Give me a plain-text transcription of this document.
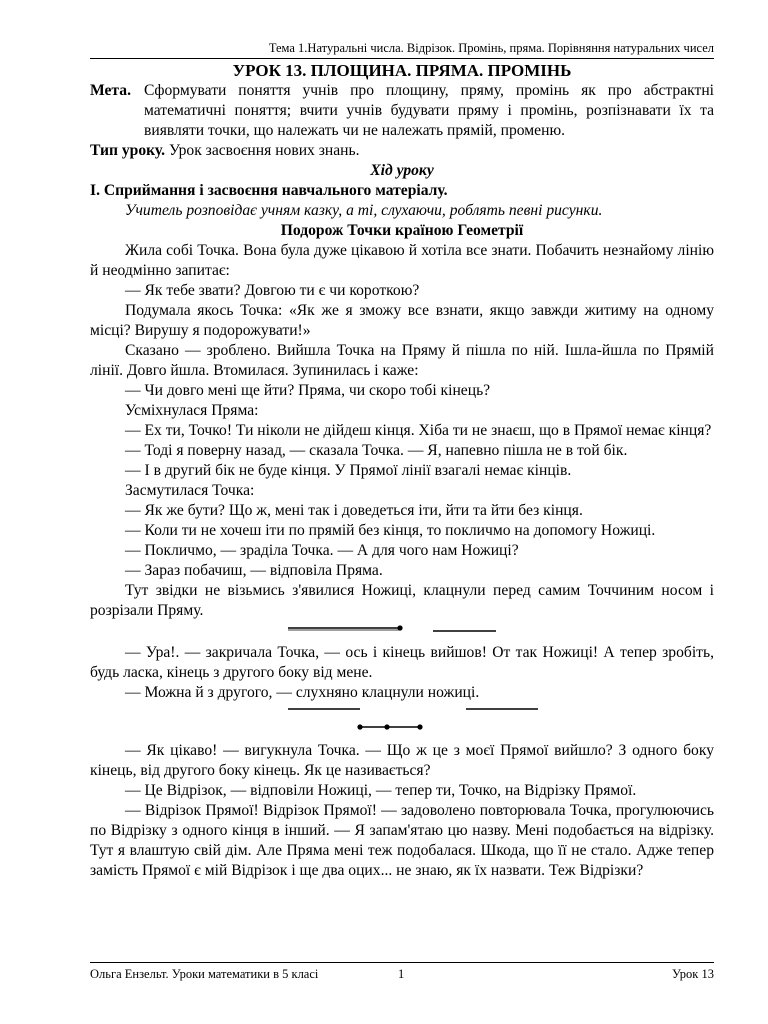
Тема 1.Натуральні числа. Відрізок. Промінь, пряма. Порівняння натуральних чисел
УРОК 13. ПЛОЩИНА. ПРЯМА. ПРОМІНЬ
Мета. Сформувати поняття учнів про площину, пряму, промінь як про абстрактні математичні поняття; вчити учнів будувати пряму і промінь, розпізнавати їх та виявляти точки, що належать чи не належать прямій, променю.

Тип уроку. Урок засвоєння нових знань.

Хід уроку

І. Сприймання і засвоєння навчального матеріалу.

Учитель розповідає учням казку, а ті, слухаючи, роблять певні рисунки.

Подорож Точки країною Геометрії

Жила собі Точка. Вона була дуже цікавою й хотіла все знати. Побачить незнайому лінію й неодмінно запитає:

— Як тебе звати? Довгою ти є чи короткою?

Подумала якось Точка: «Як же я зможу все взнати, якщо завжди житиму на одному місці? Вирушу я подорожувати!»

Сказано — зроблено. Вийшла Точка на Пряму й пішла по ній. Ішла-йшла по Прямій лінії. Довго йшла. Втомилася. Зупинилась і каже:

— Чи довго мені ще йти? Пряма, чи скоро тобі кінець?

Усміхнулася Пряма:

— Ех ти, Точко! Ти ніколи не дійдеш кінця. Хіба ти не знаєш, що в Прямої немає кінця?

— Тоді я поверну назад, — сказала Точка. — Я, напевно пішла не в той бік.

— І в другий бік не буде кінця. У Прямої лінії взагалі немає кінців.

Засмутилася Точка:

— Як же бути? Що ж, мені так і доведеться іти, йти та йти без кінця.

— Коли ти не хочеш іти по прямій без кінця, то покличмо на допомогу Ножиці.

— Покличмо, — зраділа Точка. — А для чого нам Ножиці?

— Зараз побачиш, — відповіла Пряма.

Тут звідки не візьмись з'явилися Ножиці, клацнули перед самим Точчиним носом і розрізали Пряму.

— Ура!. — закричала Точка, — ось і кінець вийшов! От так Ножиці! А тепер зробіть, будь ласка, кінець з другого боку від мене.

— Можна й з другого, — слухняно клацнули ножиці.

— Як цікаво! — вигукнула Точка. — Що ж це з моєї Прямої вийшло? З одного боку кінець, від другого боку кінець. Як це називається?

— Це Відрізок, — відповіли Ножиці, — тепер ти, Точко, на Відрізку Прямої.

— Відрізок Прямої! Відрізок Прямої! — задоволено повторювала Точка, прогулюючись по Відрізку з одного кінця в інший. — Я запам'ятаю цю назву. Мені подобається на відрізку. Тут я влаштую свій дім. Але Пряма мені теж подобалася. Шкода, що її не стало. Адже тепер замість Прямої є мій Відрізок і ще два оцих... не знаю, як їх назвати. Теж Відрізки?

Ольга Ензельт. Уроки математики в 5 класі	1	Урок 13
